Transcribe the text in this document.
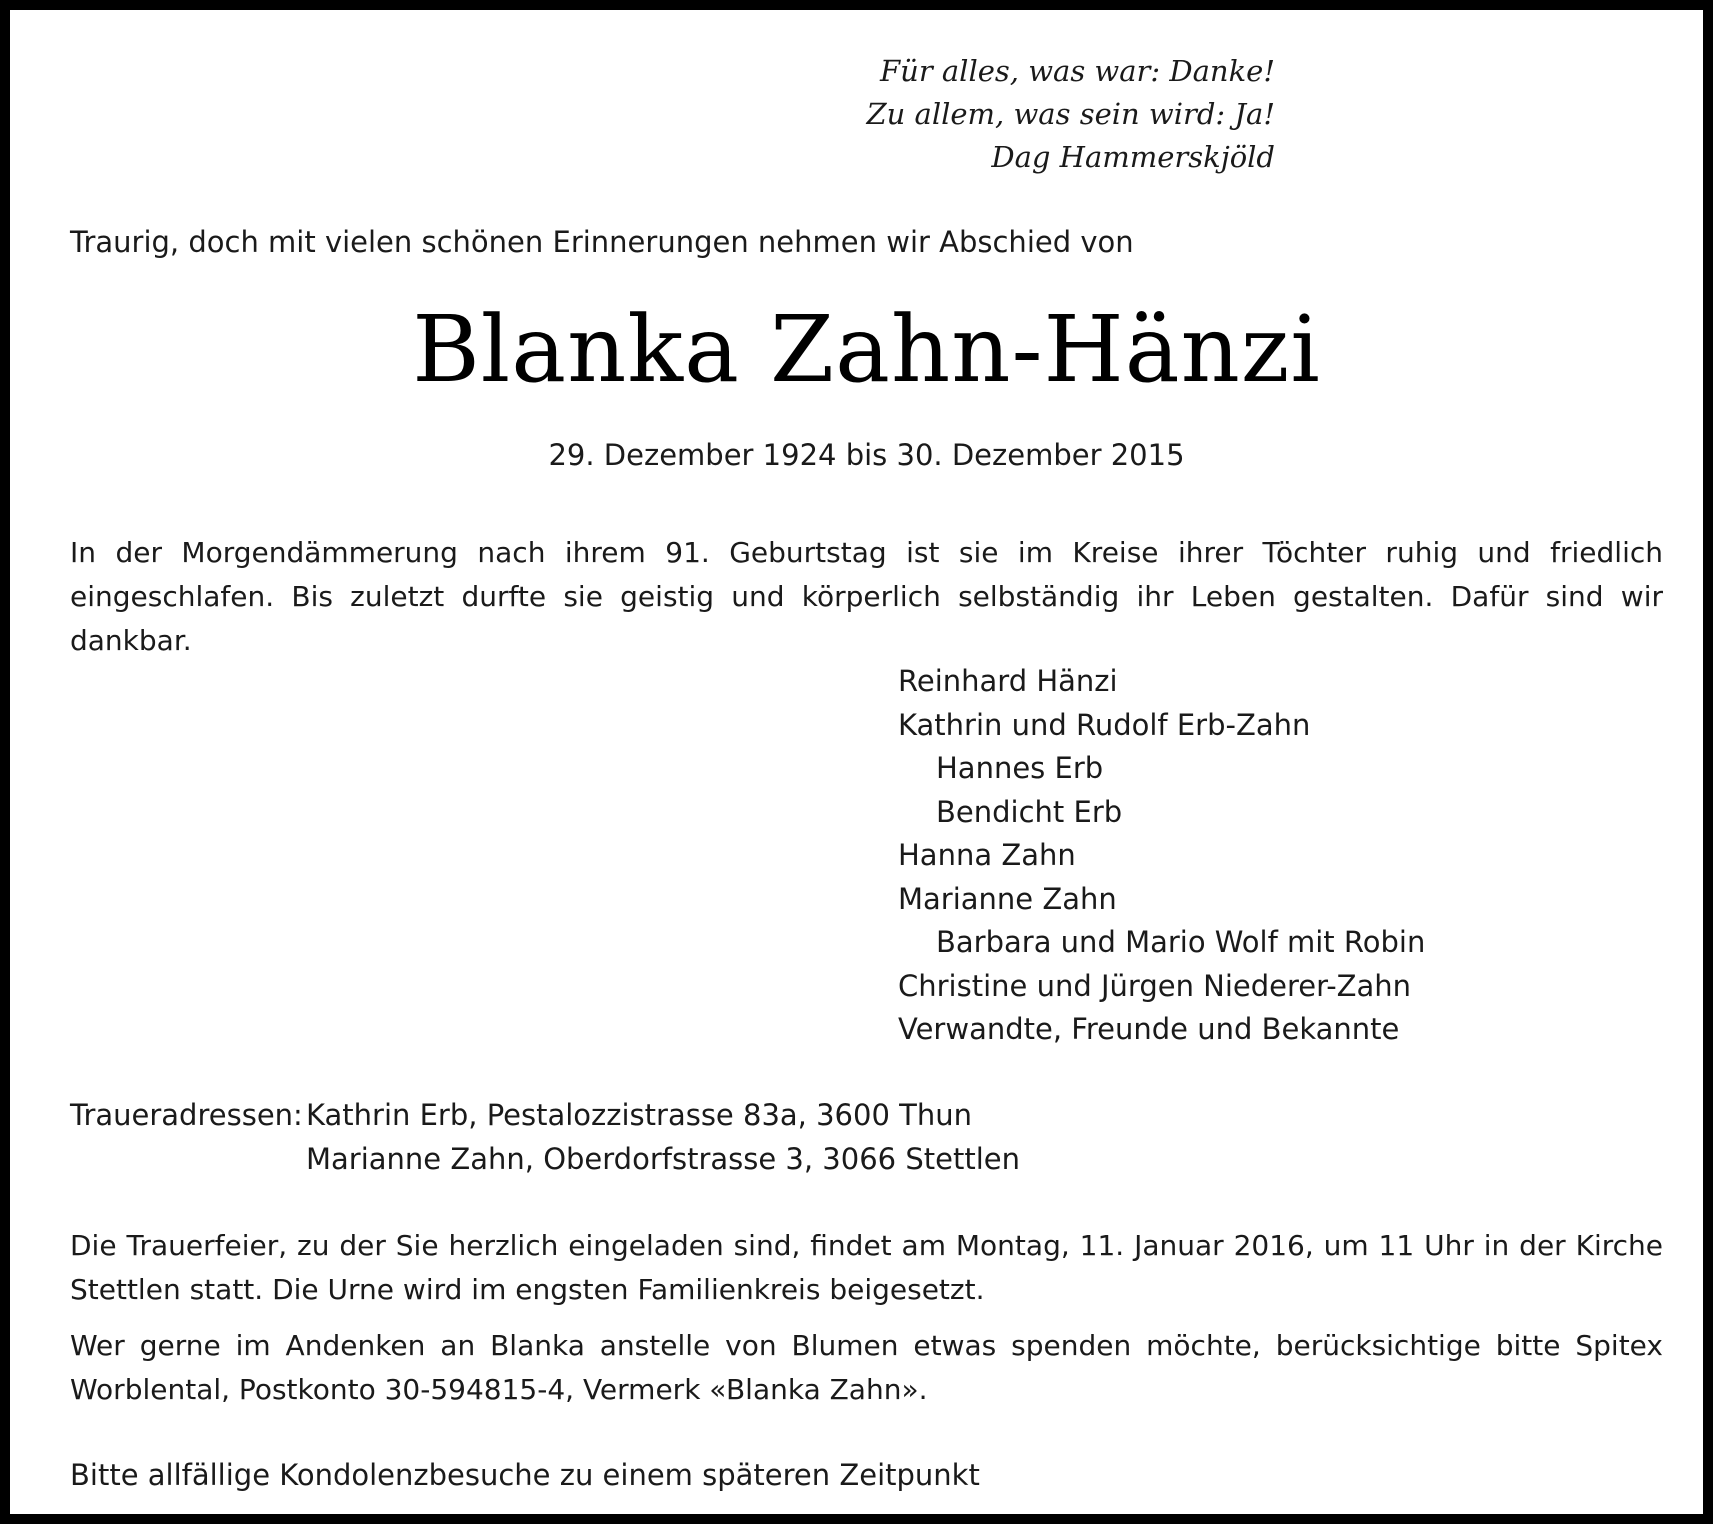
Für alles, was war: Danke!
Zu allem, was sein wird: Ja!
Dag Hammerskjöld
Traurig, doch mit vielen schönen Erinnerungen nehmen wir Abschied von
Blanka Zahn-Hänzi
29. Dezember 1924 bis 30. Dezember 2015
In der Morgendämmerung nach ihrem 91. Geburtstag ist sie im Kreise ihrer Töchter ruhig und friedlich eingeschlafen. Bis zuletzt durfte sie geistig und körperlich selbständig ihr Leben gestalten. Dafür sind wir dankbar.
Reinhard Hänzi
Kathrin und Rudolf Erb-Zahn
Hannes Erb
Bendicht Erb
Hanna Zahn
Marianne Zahn
Barbara und Mario Wolf mit Robin
Christine und Jürgen Niederer-Zahn
Verwandte, Freunde und Bekannte
Traueradressen: Kathrin Erb, Pestalozzistrasse 83a, 3600 Thun
Marianne Zahn, Oberdorfstrasse 3, 3066 Stettlen
Die Trauerfeier, zu der Sie herzlich eingeladen sind, findet am Montag, 11. Januar 2016, um 11 Uhr in der Kirche Stettlen statt. Die Urne wird im engsten Familienkreis beigesetzt.
Wer gerne im Andenken an Blanka anstelle von Blumen etwas spenden möchte, berücksichtige bitte Spitex Worblental, Postkonto 30-594815-4, Vermerk «Blanka Zahn».
Bitte allfällige Kondolenzbesuche zu einem späteren Zeitpunkt
